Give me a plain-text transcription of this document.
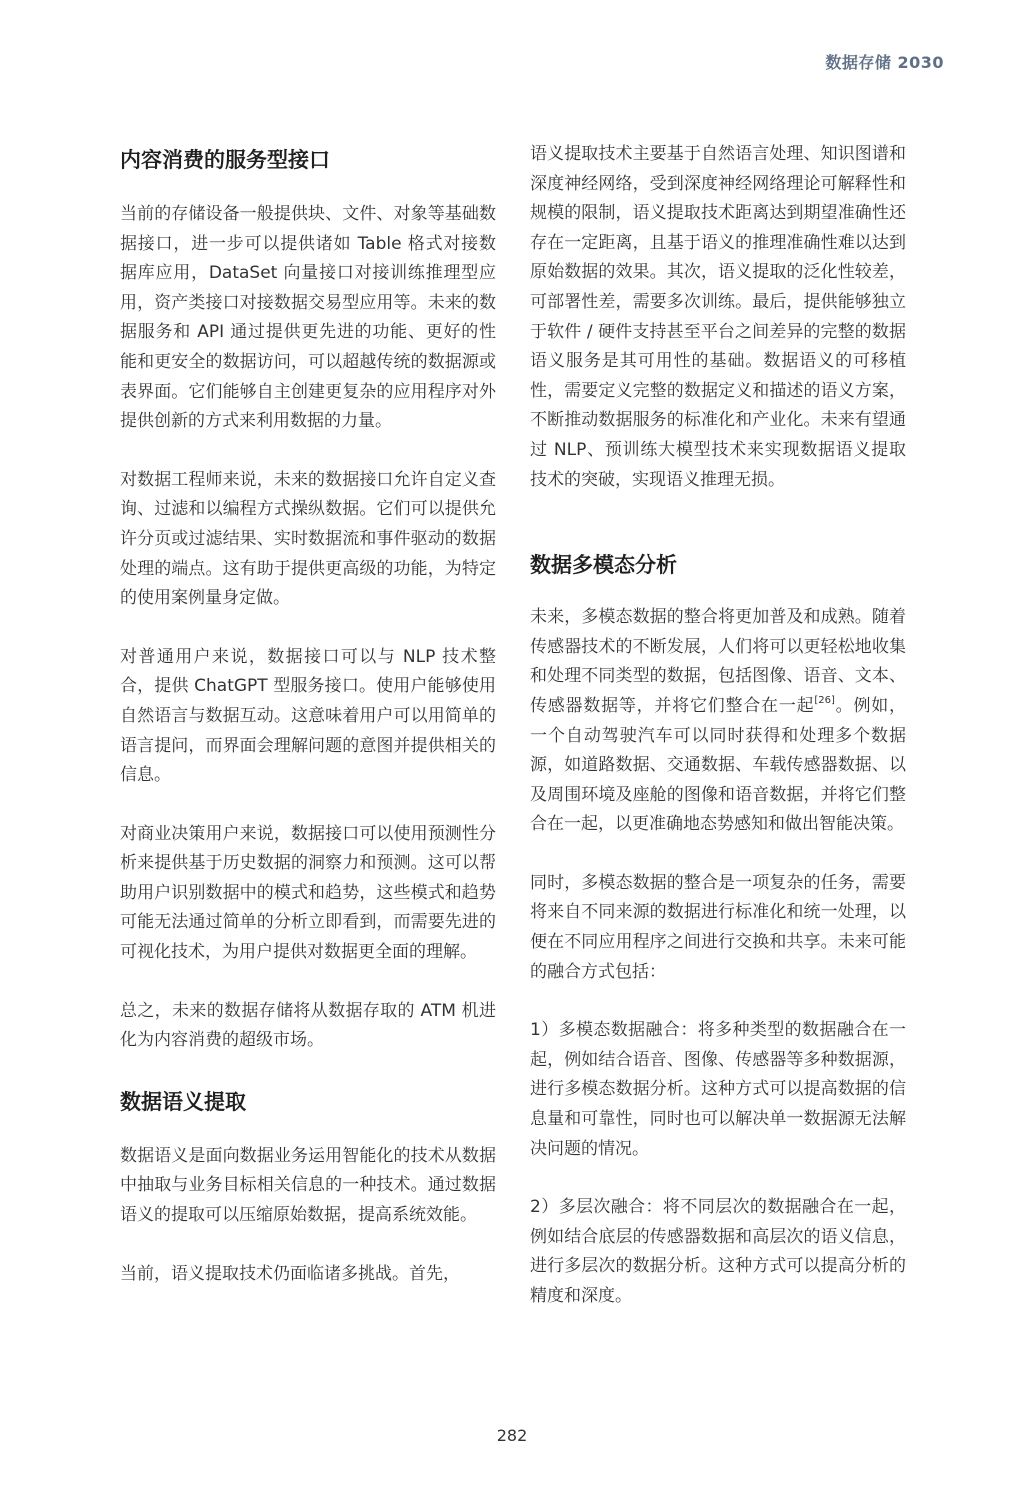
数据存储 2030
内容消费的服务型接口

当前的存储设备一般提供块、文件、对象等基础数据接口，进一步可以提供诸如 Table 格式对接数据库应用，DataSet 向量接口对接训练推理型应用，资产类接口对接数据交易型应用等。未来的数据服务和 API 通过提供更先进的功能、更好的性能和更安全的数据访问，可以超越传统的数据源或表界面。它们能够自主创建更复杂的应用程序对外提供创新的方式来利用数据的力量。

对数据工程师来说，未来的数据接口允许自定义查询、过滤和以编程方式操纵数据。它们可以提供允许分页或过滤结果、实时数据流和事件驱动的数据处理的端点。这有助于提供更高级的功能，为特定的使用案例量身定做。

对普通用户来说，数据接口可以与 NLP 技术整合，提供 ChatGPT 型服务接口。使用户能够使用自然语言与数据互动。这意味着用户可以用简单的语言提问，而界面会理解问题的意图并提供相关的信息。

对商业决策用户来说，数据接口可以使用预测性分析来提供基于历史数据的洞察力和预测。这可以帮助用户识别数据中的模式和趋势，这些模式和趋势可能无法通过简单的分析立即看到，而需要先进的可视化技术，为用户提供对数据更全面的理解。

总之，未来的数据存储将从数据存取的 ATM 机进化为内容消费的超级市场。

数据语义提取

数据语义是面向数据业务运用智能化的技术从数据中抽取与业务目标相关信息的一种技术。通过数据语义的提取可以压缩原始数据，提高系统效能。

当前，语义提取技术仍面临诸多挑战。首先，

语义提取技术主要基于自然语言处理、知识图谱和深度神经网络，受到深度神经网络理论可解释性和规模的限制，语义提取技术距离达到期望准确性还存在一定距离，且基于语义的推理准确性难以达到原始数据的效果。其次，语义提取的泛化性较差，可部署性差，需要多次训练。最后，提供能够独立于软件 / 硬件支持甚至平台之间差异的完整的数据语义服务是其可用性的基础。数据语义的可移植性，需要定义完整的数据定义和描述的语义方案，不断推动数据服务的标准化和产业化。未来有望通过 NLP、预训练大模型技术来实现数据语义提取技术的突破，实现语义推理无损。

数据多模态分析

未来，多模态数据的整合将更加普及和成熟。随着传感器技术的不断发展，人们将可以更轻松地收集和处理不同类型的数据，包括图像、语音、文本、传感器数据等，并将它们整合在一起[26]。例如，一个自动驾驶汽车可以同时获得和处理多个数据源，如道路数据、交通数据、车载传感器数据、以及周围环境及座舱的图像和语音数据，并将它们整合在一起，以更准确地态势感知和做出智能决策。

同时，多模态数据的整合是一项复杂的任务，需要将来自不同来源的数据进行标准化和统一处理，以便在不同应用程序之间进行交换和共享。未来可能的融合方式包括：

1）多模态数据融合：将多种类型的数据融合在一起，例如结合语音、图像、传感器等多种数据源，进行多模态数据分析。这种方式可以提高数据的信息量和可靠性，同时也可以解决单一数据源无法解决问题的情况。

2）多层次融合：将不同层次的数据融合在一起，例如结合底层的传感器数据和高层次的语义信息，进行多层次的数据分析。这种方式可以提高分析的精度和深度。

282
